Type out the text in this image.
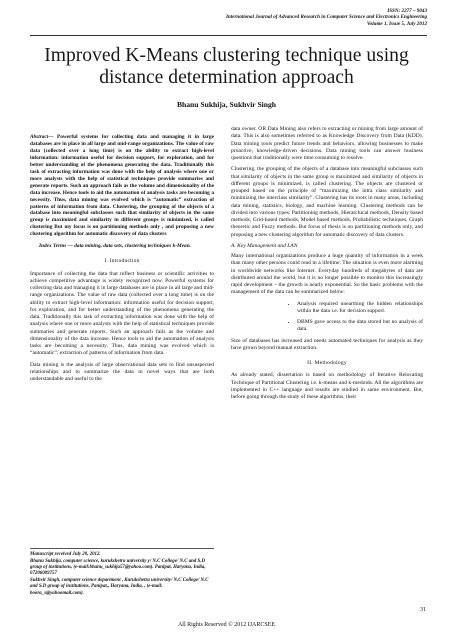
ISSN: 2277 – 9043
International Journal of Advanced Research in Computer Science and Electronics Engineering
Volume 1, Issue 5, July 2012
Improved K-Means clustering technique using distance determination approach
Bhanu Sukhija, Sukhvir Singh

Abstract— Powerful systems for collecting data and managing it in large databases are in place in all large and mid-range organizations. The value of raw data (collected over a long time) is on the ability to extract high-level information: information useful for decision support, for exploration, and for better understanding of the phenomena generating the data. Traditionally this task of extracting information was done with the help of analysis where one or more analysts with the help of statistical techniques provide summaries and generate reports. Such an approach fails as the volume and dimensionality of the data increase. Hence tools to aid the automation of analysis tasks are becoming a necessity. Thus, data mining was evolved which is “automatic” extraction of patterns of information from data. Clustering, the grouping of the objects of a database into meaningful subclasses such that similarity of objects in the same group is maximized and similarity in different groups is minimized, is called clustering But my focus is on partitioning methods only , and proposing a new clustering algorithm for automatic discovery of data clusters

Index Terms — data mining, data sets, clustering techniques k-Mean.

I. Introduction

Importance of collecting the data that reflect business or scientific activities to achieve competitive advantage is widely recognized now. Powerful systems for collecting data and managing it in large databases are in place in all large and mid-range organizations. The value of raw data (collected over a long time) is on the ability to extract high-level information: information useful for decision support, for exploration, and for better understanding of the phenomena generating the data. Traditionally this task of extracting information was done with the help of analysis where one or more analysts with the help of statistical techniques provide summaries and generate reports. Such an approach fails as the volume and dimensionality of the data increase. Hence tools to aid the automation of analysis tasks are becoming a necessity. Thus, data mining was evolved which is “automatic”: extraction of patterns of information from data.

Data mining is the analysis of large observational data sets to find unsuspected relationships and to summarize the data in novel ways that are both understandable and useful to the

data owner. OR Data Mining also refers to extracting or mining from large amount of data. This is also sometimes referred to as Knowledge Discovery from Data (KDD). Data mining tools predict future trends and behaviors, allowing businesses to make proactive, knowledge-driven decisions. Data mining tools can answer business questions that traditionally were time consuming to resolve.

Clustering, the grouping of the objects of a database into meaningful subclasses such that similarity of objects in the same group is maximized and similarity of objects in different groups is minimized, is called clustering. The objects are clustered or grouped based on the principle of “maximizing the intra class similarity and minimizing the interclass similarity”. Clustering has its roots in many areas, including data mining, statistics, biology, and machine learning. Clustering methods can be divided into various types: Partitioning methods, Hierarchical methods, Density based methods, Grid-based methods, Model based methods, Probabilistic techniques, Graph theoretic and Fuzzy methods. But focus of thesis is on partitioning methods only, and proposing a new clustering algorithm for automatic discovery of data clusters.

A. Key Management and LAN

Many international organizations produce a huge quantity of information in a week than many other persons could read in a lifetime. The situation is even more alarming in worldwide networks like Internet. Everyday hundreds of megabytes of data are distributed around the world, but it is no longer possible to monitor this increasingly rapid development – the growth is nearly exponential. So the basic problems with the management of the data can be summarized below:

• Analysis required unearthing the hidden relationships within the data i.e. for decision support.
• DBMS gave access to the data stored but no analysis of data.

Size of databases has increased and needs automated techniques for analysis as they have grown beyond manual extraction.

II. Methodology

As already stated, dissertation is based on methodology of Iterative Relocating Technique of Partitional Clustering i.e. k-means and k-medoids. All the algorithms are implemented in C++ language and results are studied in same environment. But, before going through the study of these algorithms, their

Manuscript received July 20, 2012.

Bhanu Sukhija, computer science, kurukshetra university y/ N.C College/ N.C and S.D group of institutions, (e-mail:bhanu_sukhija57@yahoo.com). Panipat, Haryana, India, 07206009757

Sukhvir Singh, computer science department , Kurukshetra university/ N.C College/ N.C and S.D group of institutions, Panipat,, Haryana, India, , (e-mail: boora_s@yahoomail.com).

31
All Rights Reserved © 2012 IJARCSEE
